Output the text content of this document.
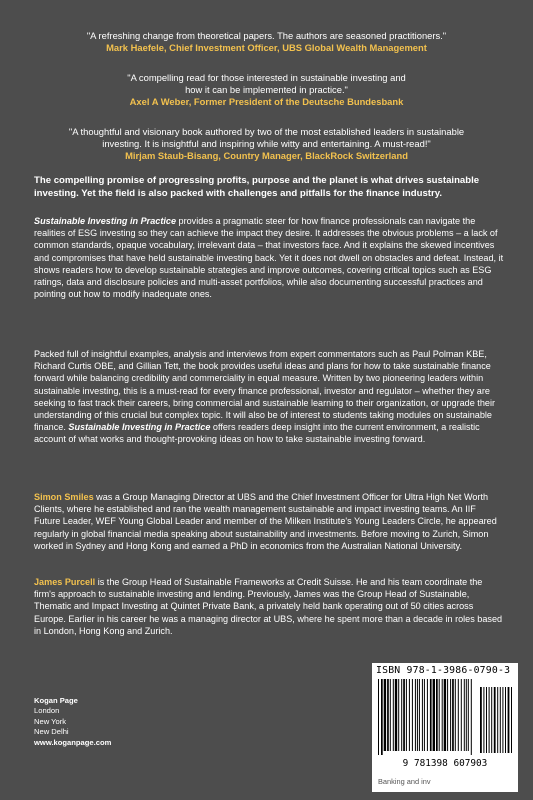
"A refreshing change from theoretical papers. The authors are seasoned practitioners."
Mark Haefele, Chief Investment Officer, UBS Global Wealth Management
"A compelling read for those interested in sustainable investing and
how it can be implemented in practice."
Axel A Weber, Former President of the Deutsche Bundesbank
"A thoughtful and visionary book authored by two of the most established leaders in sustainable
investing. It is insightful and inspiring while witty and entertaining. A must-read!"
Mirjam Staub-Bisang, Country Manager, BlackRock Switzerland
The compelling promise of progressing profits, purpose and the planet is what drives sustainable investing. Yet the field is also packed with challenges and pitfalls for the finance industry.
Sustainable Investing in Practice provides a pragmatic steer for how finance professionals can navigate the realities of ESG investing so they can achieve the impact they desire. It addresses the obvious problems – a lack of common standards, opaque vocabulary, irrelevant data – that investors face. And it explains the skewed incentives and compromises that have held sustainable investing back. Yet it does not dwell on obstacles and defeat. Instead, it shows readers how to develop sustainable strategies and improve outcomes, covering critical topics such as ESG ratings, data and disclosure policies and multi-asset portfolios, while also documenting successful practices and pointing out how to modify inadequate ones.
Packed full of insightful examples, analysis and interviews from expert commentators such as Paul Polman KBE, Richard Curtis OBE, and Gillian Tett, the book provides useful ideas and plans for how to take sustainable finance forward while balancing credibility and commerciality in equal measure. Written by two pioneering leaders within sustainable investing, this is a must-read for every finance professional, investor and regulator – whether they are seeking to fast track their careers, bring commercial and sustainable learning to their organization, or upgrade their understanding of this crucial but complex topic. It will also be of interest to students taking modules on sustainable finance. Sustainable Investing in Practice offers readers deep insight into the current environment, a realistic account of what works and thought-provoking ideas on how to take sustainable investing forward.
Simon Smiles was a Group Managing Director at UBS and the Chief Investment Officer for Ultra High Net Worth Clients, where he established and ran the wealth management sustainable and impact investing teams. An IIF Future Leader, WEF Young Global Leader and member of the Milken Institute's Young Leaders Circle, he appeared regularly in global financial media speaking about sustainability and investments. Before moving to Zurich, Simon worked in Sydney and Hong Kong and earned a PhD in economics from the Australian National University.
James Purcell is the Group Head of Sustainable Frameworks at Credit Suisse. He and his team coordinate the firm's approach to sustainable investing and lending. Previously, James was the Group Head of Sustainable, Thematic and Impact Investing at Quintet Private Bank, a privately held bank operating out of 50 cities across Europe. Earlier in his career he was a managing director at UBS, where he spent more than a decade in roles based in London, Hong Kong and Zurich.
Kogan Page
London
New York
New Delhi
www.koganpage.com
ISBN 978-1-3986-0790-3
9 781398 607903
Banking and inv
